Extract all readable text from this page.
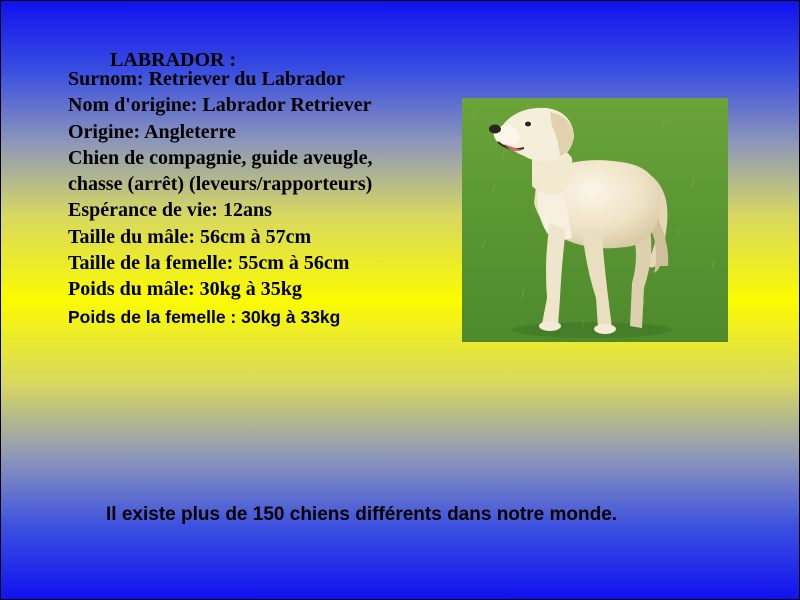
LABRADOR :
Surnom: Retriever du Labrador
Nom d'origine: Labrador Retriever
Origine: Angleterre
Chien de compagnie, guide aveugle, chasse (arrêt) (leveurs/rapporteurs)
Espérance de vie: 12ans
Taille du mâle: 56cm à 57cm
Taille de la femelle: 55cm à 56cm
Poids du mâle: 30kg à 35kg
Poids de la femelle : 30kg à 33kg

Il existe plus de 150 chiens différents dans notre monde.
